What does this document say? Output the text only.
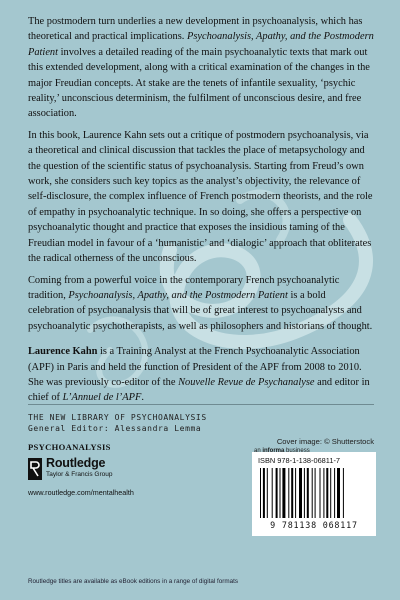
The postmodern turn underlies a new development in psychoanalysis, which has theoretical and practical implications. Psychoanalysis, Apathy, and the Postmodern Patient involves a detailed reading of the main psychoanalytic texts that mark out this extended development, along with a critical examination of the changes in the major Freudian concepts. At stake are the tenets of infantile sexuality, ‘psychic reality,’ unconscious determinism, the fulfilment of unconscious desire, and free association.

In this book, Laurence Kahn sets out a critique of postmodern psychoanalysis, via a theoretical and clinical discussion that tackles the place of metapsychology and the question of the scientific status of psychoanalysis. Starting from Freud’s own work, she considers such key topics as the analyst’s objectivity, the relevance of self-disclosure, the complex influence of French postmodern theorists, and the role of empathy in psychoanalytic technique. In so doing, she offers a perspective on psychoanalytic thought and practice that exposes the insidious taming of the Freudian model in favour of a ‘humanistic’ and ‘dialogic’ approach that obliterates the radical otherness of the unconscious.

Coming from a powerful voice in the contemporary French psychoanalytic tradition, Psychoanalysis, Apathy, and the Postmodern Patient is a bold celebration of psychoanalysis that will be of great interest to psychoanalysts and psychoanalytic psychotherapists, as well as philosophers and historians of thought.

Laurence Kahn is a Training Analyst at the French Psychoanalytic Association (APF) in Paris and held the function of President of the APF from 2008 to 2010. She was previously co-editor of the Nouvelle Revue de Psychanalyse and editor in chief of L’Annuel de l’APF.

THE NEW LIBRARY OF PSYCHOANALYSIS
General Editor: Alessandra Lemma
PSYCHOANALYSIS
Routledge
Taylor & Francis Group
www.routledge.com/mentalhealth
Cover image: © Shutterstock
ISBN 978-1-138-06811-7
9 781138 068117
an informa business
Routledge titles are available as eBook editions in a range of digital formats
